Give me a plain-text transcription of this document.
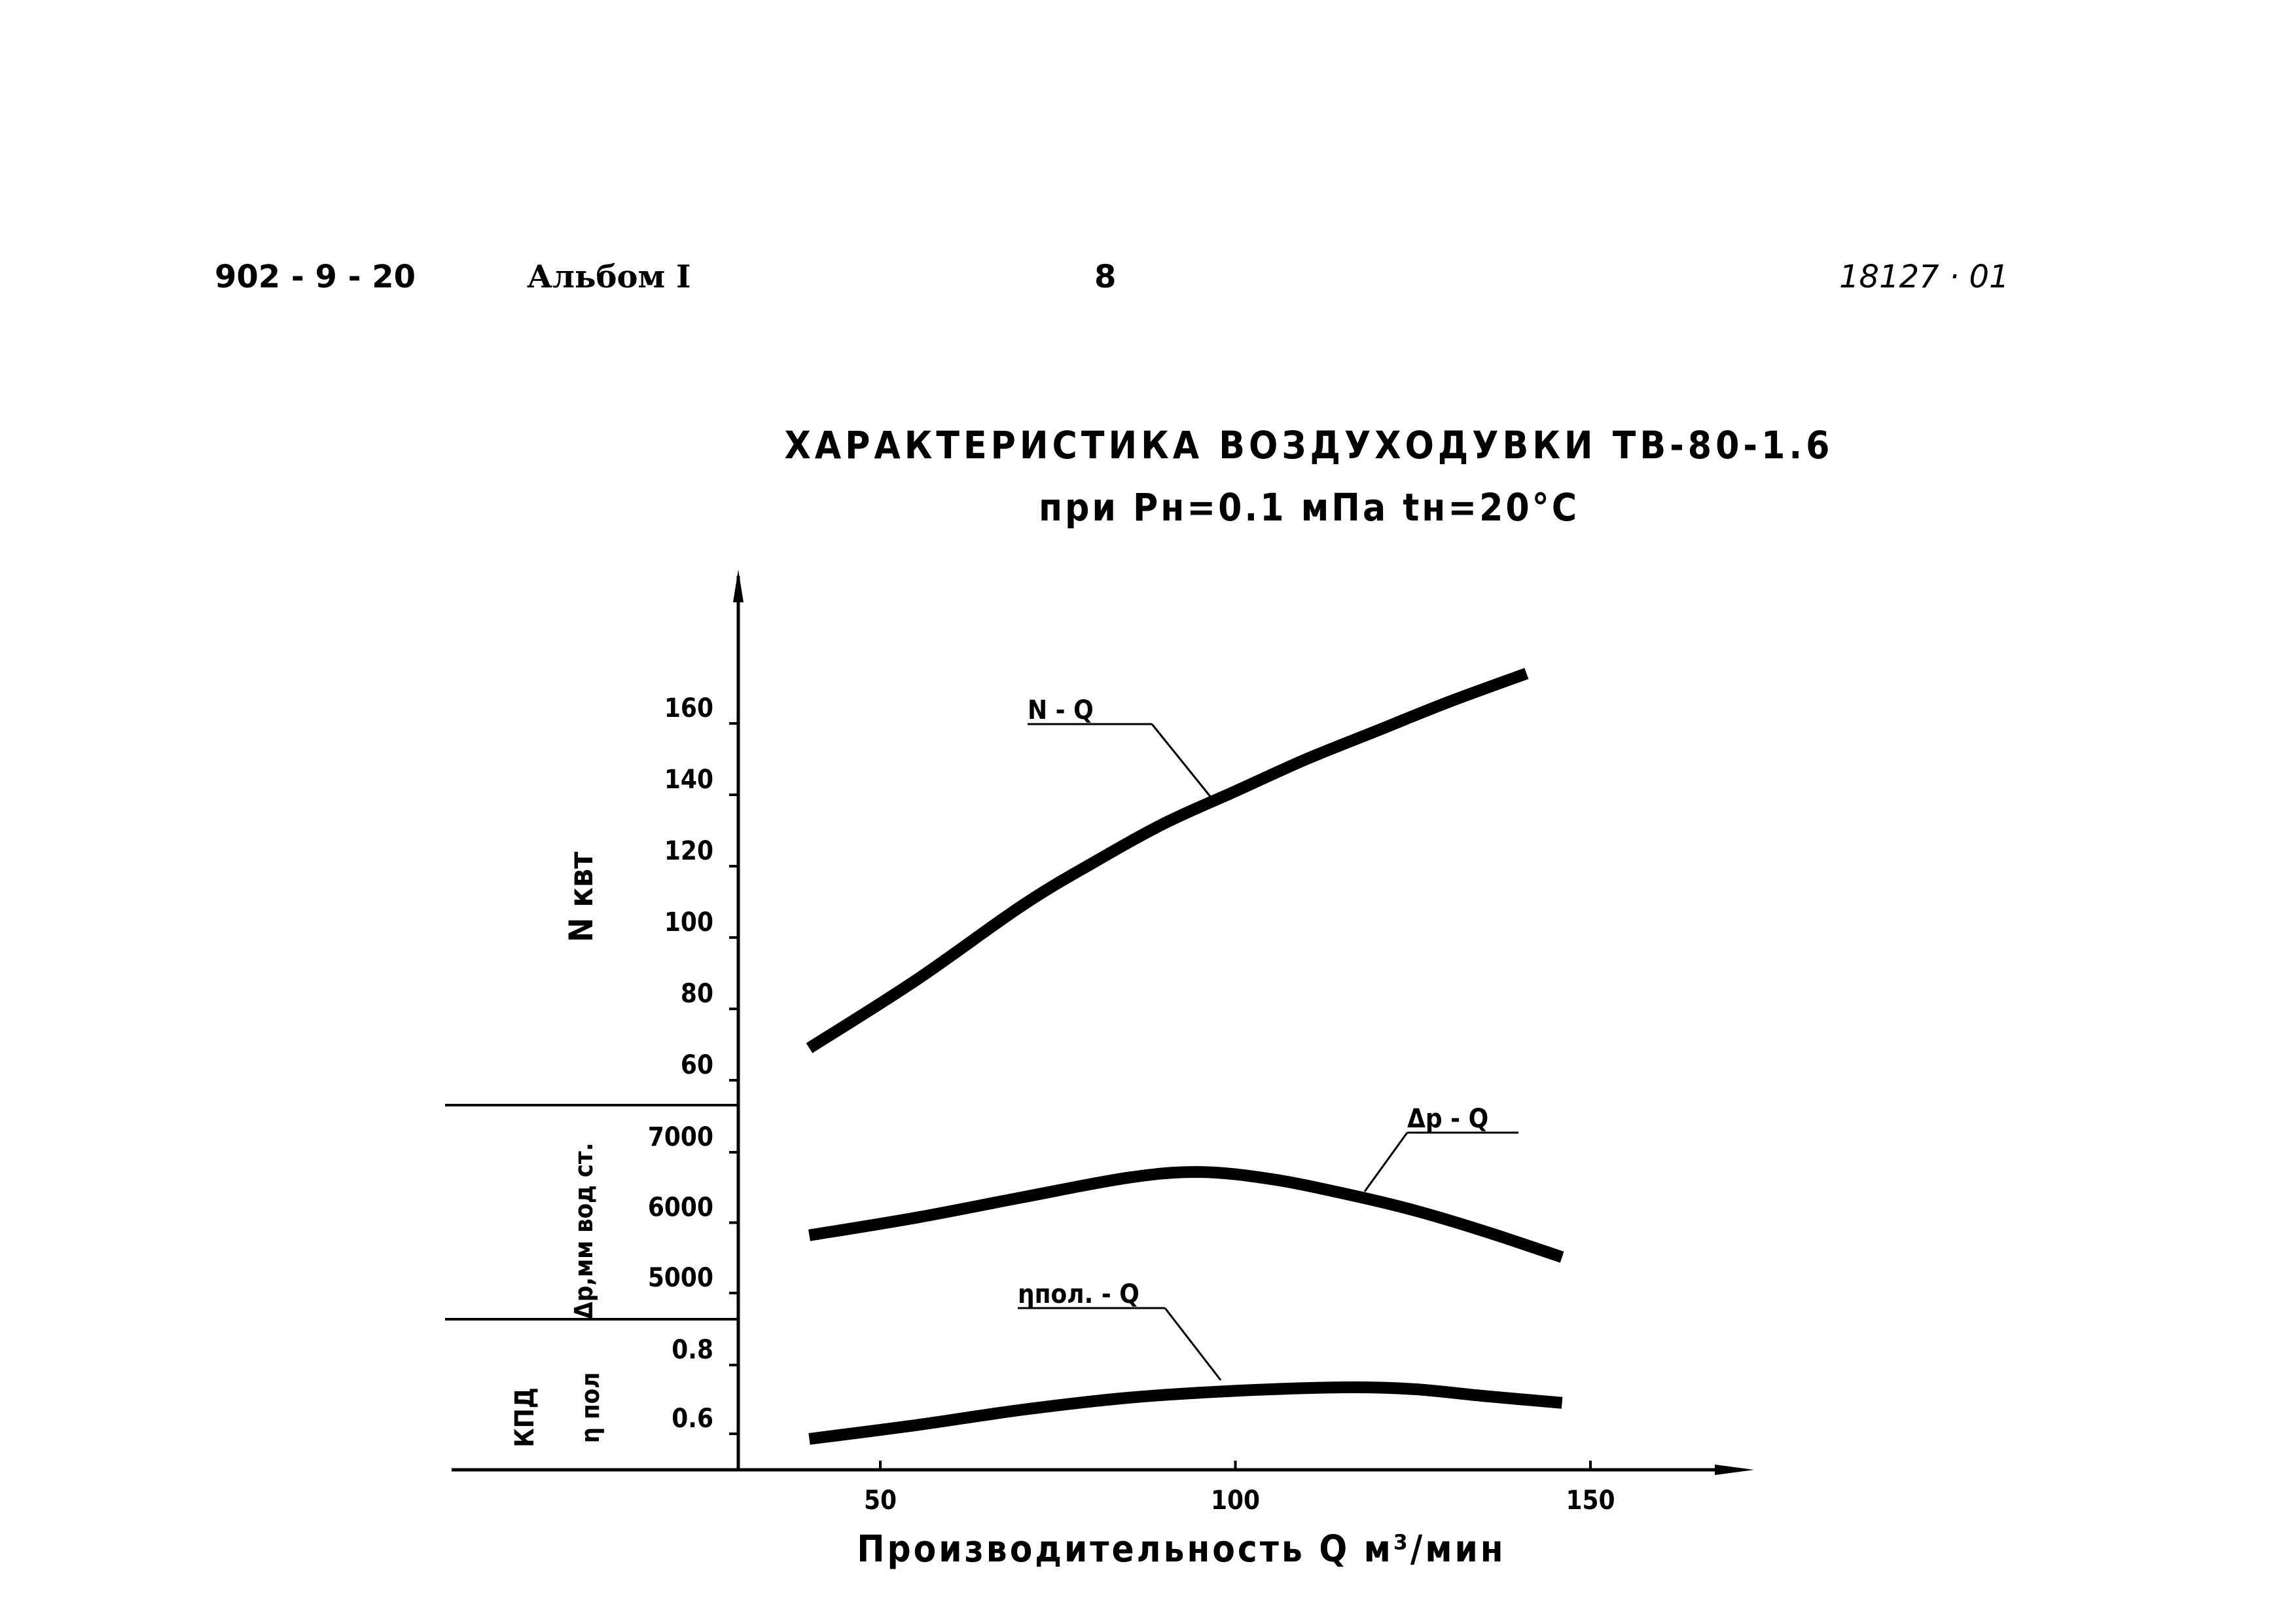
902 - 9 - 20	Альбом I	8	18127 · 01
ХАРАКТЕРИСТИКА ВОЗДУХОДУВКИ ТВ-80-1.6
при Рн=0.1 мПа tн=20°С
50	100	150
Производительность Q м³/мин
60
80
100
120
140
160
N квт
5000
6000
7000
Δр,мм вод ст.
0.6
0.8
η пол
КПД
N - Q
Δр - Q
ηпол. - Q
